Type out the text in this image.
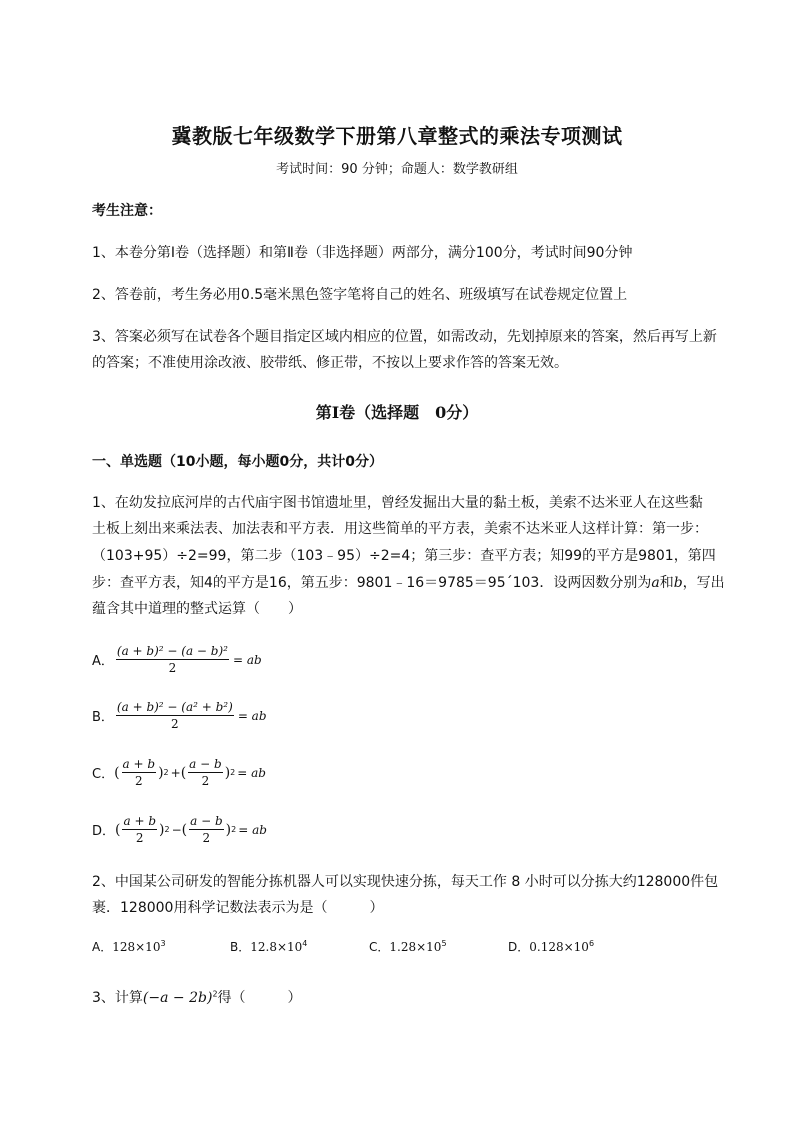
冀教版七年级数学下册第八章整式的乘法专项测试
考试时间：90 分钟；命题人：数学教研组
考生注意：
1、本卷分第Ⅰ卷（选择题）和第Ⅱ卷（非选择题）两部分，满分100分，考试时间90分钟
2、答卷前，考生务必用0.5毫米黑色签字笔将自己的姓名、班级填写在试卷规定位置上
3、答案必须写在试卷各个题目指定区域内相应的位置，如需改动，先划掉原来的答案，然后再写上新
的答案；不准使用涂改液、胶带纸、修正带，不按以上要求作答的答案无效。
第Ⅰ卷（选择题　0分）
一、单选题（10小题，每小题0分，共计0分）
1、在幼发拉底河岸的古代庙宇图书馆遗址里，曾经发掘出大量的黏土板，美索不达米亚人在这些黏
土板上刻出来乘法表、加法表和平方表．用这些简单的平方表，美索不达米亚人这样计算：第一步：
（103+95）÷2=99，第二步（103﹣95）÷2=4；第三步：查平方表；知99的平方是9801，第四
步：查平方表，知4的平方是16，第五步：9801﹣16＝9785＝95´103．设两因数分别为a和b，写出
蕴含其中道理的整式运算（　　）
A． $\frac{\text{(a + b)² − (a − b)²}}{2}$ = ab
B． $\frac{\text{(a + b)² − (a² + b²)}}{2}$ = ab
C． ( $\frac{a + b}{2}$ ) 2 + ( $\frac{a - b}{2}$ ) 2 = ab
D． ( $\frac{a + b}{2}$ ) 2 − ( $\frac{a - b}{2}$ ) 2 = ab
2、中国某公司研发的智能分拣机器人可以实现快速分拣，每天工作 8 小时可以分拣大约128000件包
裹．128000用科学记数法表示为是（　　　）
A．$128\times 10^3$	B．$12.8\times 10^4$	C．$1.28\times 10^5$	D．$0.128\times 10^6$
3、计算$(-a - 2b)^2$得（　　　）
